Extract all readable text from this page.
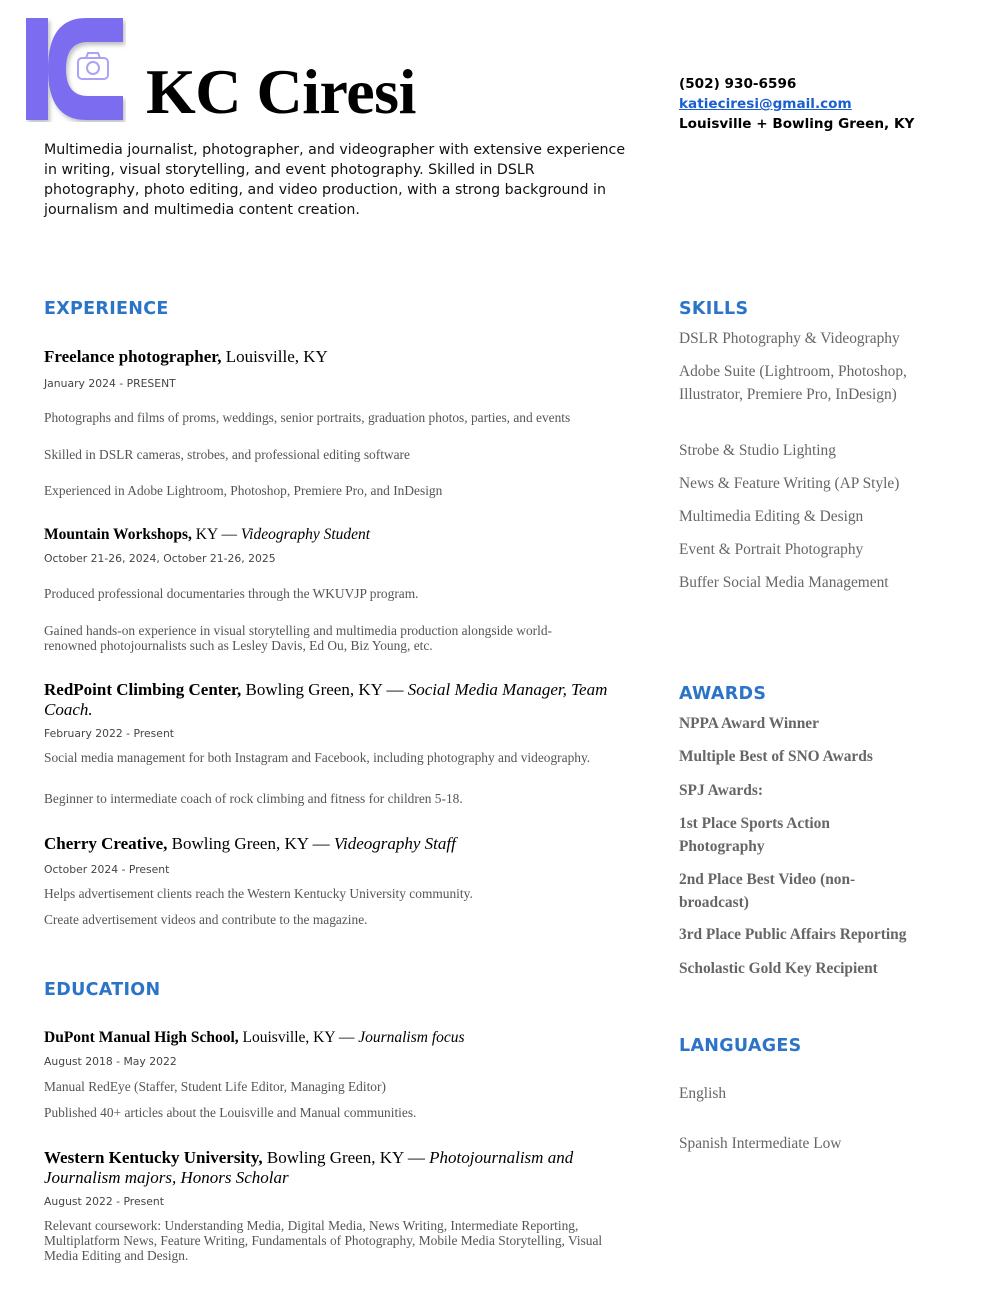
KC Ciresi
Multimedia journalist, photographer, and videographer with extensive experience in writing, visual storytelling, and event photography. Skilled in DSLR photography, photo editing, and video production, with a strong background in journalism and multimedia content creation.
(502) 930-6596
katieciresi@gmail.com
Louisville + Bowling Green, KY
EXPERIENCE
Freelance photographer, Louisville, KY
January 2024 - PRESENT
Photographs and films of proms, weddings, senior portraits, graduation photos, parties, and events
Skilled in DSLR cameras, strobes, and professional editing software
Experienced in Adobe Lightroom, Photoshop, Premiere Pro, and InDesign
Mountain Workshops, KY — Videography Student
October 21-26, 2024, October 21-26, 2025
Produced professional documentaries through the WKUVJP program.
Gained hands-on experience in visual storytelling and multimedia production alongside world-renowned photojournalists such as Lesley Davis, Ed Ou, Biz Young, etc.
RedPoint Climbing Center, Bowling Green, KY — Social Media Manager, Team Coach.
February 2022 - Present
Social media management for both Instagram and Facebook, including photography and videography.
Beginner to intermediate coach of rock climbing and fitness for children 5-18.
Cherry Creative, Bowling Green, KY — Videography Staff
October 2024 - Present
Helps advertisement clients reach the Western Kentucky University community.
Create advertisement videos and contribute to the magazine.
EDUCATION
DuPont Manual High School, Louisville, KY — Journalism focus
August 2018 - May 2022
Manual RedEye (Staffer, Student Life Editor, Managing Editor)
Published 40+ articles about the Louisville and Manual communities.
Western Kentucky University, Bowling Green, KY — Photojournalism and Journalism majors, Honors Scholar
August 2022 - Present
Relevant coursework: Understanding Media, Digital Media, News Writing, Intermediate Reporting, Multiplatform News, Feature Writing, Fundamentals of Photography, Mobile Media Storytelling, Visual Media Editing and Design.
SKILLS
DSLR Photography & Videography
Adobe Suite (Lightroom, Photoshop, Illustrator, Premiere Pro, InDesign)
Strobe & Studio Lighting
News & Feature Writing (AP Style)
Multimedia Editing & Design
Event & Portrait Photography
Buffer Social Media Management
AWARDS
NPPA Award Winner
Multiple Best of SNO Awards
SPJ Awards:
1st Place Sports Action Photography
2nd Place Best Video (non-broadcast)
3rd Place Public Affairs Reporting
Scholastic Gold Key Recipient
LANGUAGES
English
Spanish Intermediate Low
